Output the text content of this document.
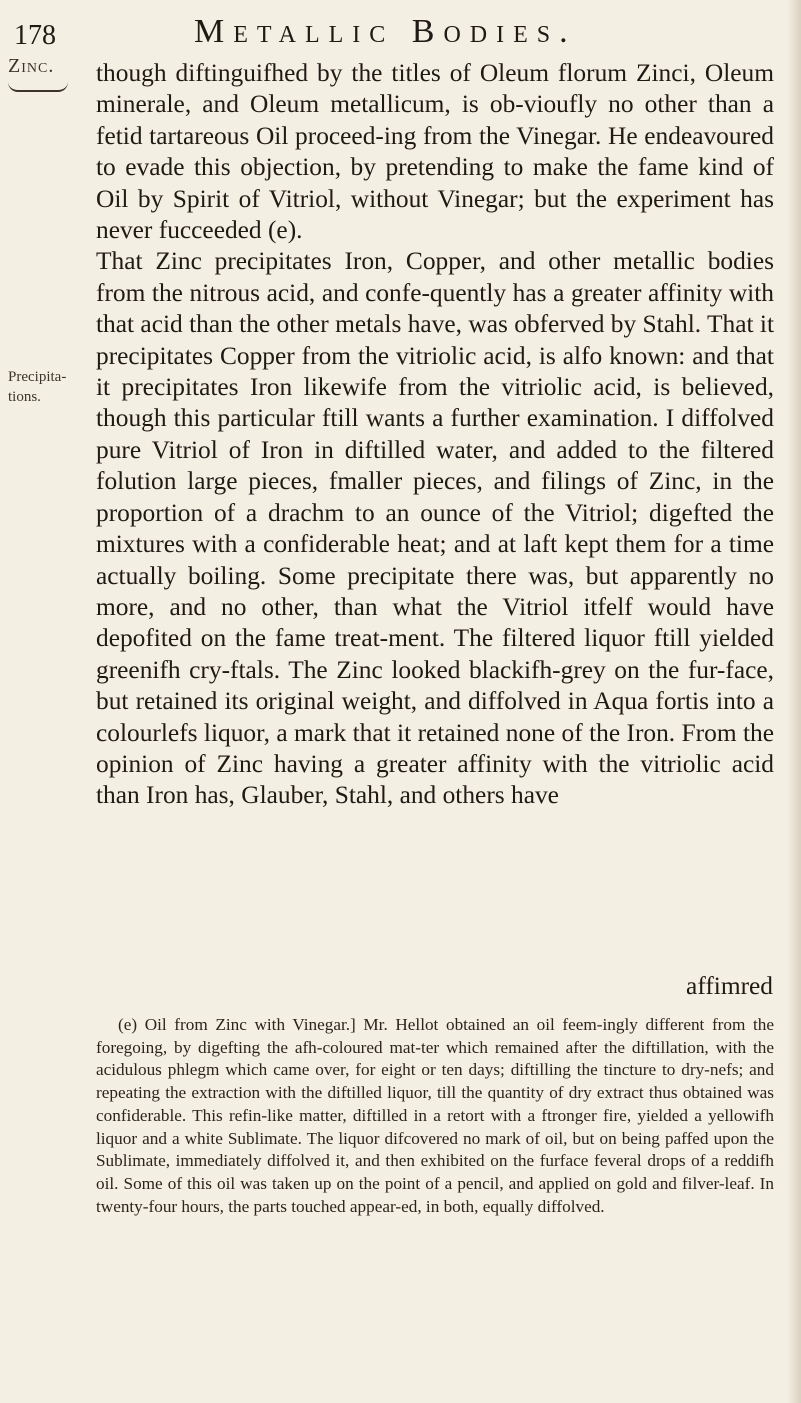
178	Metallic Bodies.
Zinc.
Precipita-tions.

though diftinguifhed by the titles of Oleum florum Zinci, Oleum minerale, and Oleum metallicum, is ob-vioufly no other than a fetid tartareous Oil proceed-ing from the Vinegar. He endeavoured to evade this objection, by pretending to make the fame kind of Oil by Spirit of Vitriol, without Vinegar; but the experiment has never fucceeded (e).

That Zinc precipitates Iron, Copper, and other metallic bodies from the nitrous acid, and confe-quently has a greater affinity with that acid than the other metals have, was obferved by Stahl. That it precipitates Copper from the vitriolic acid, is alfo known: and that it precipitates Iron likewife from the vitriolic acid, is believed, though this particular ftill wants a further examination. I diffolved pure Vitriol of Iron in diftilled water, and added to the filtered folution large pieces, fmaller pieces, and filings of Zinc, in the proportion of a drachm to an ounce of the Vitriol; digefted the mixtures with a confiderable heat; and at laft kept them for a time actually boiling. Some precipitate there was, but apparently no more, and no other, than what the Vitriol itfelf would have depofited on the fame treat-ment. The filtered liquor ftill yielded greenifh cry-ftals. The Zinc looked blackifh-grey on the fur-face, but retained its original weight, and diffolved in Aqua fortis into a colourlefs liquor, a mark that it retained none of the Iron. From the opinion of Zinc having a greater affinity with the vitriolic acid than Iron has, Glauber, Stahl, and others have

affimred

(e) Oil from Zinc with Vinegar.] Mr. Hellot obtained an oil feem-ingly different from the foregoing, by digefting the afh-coloured mat-ter which remained after the diftillation, with the acidulous phlegm which came over, for eight or ten days; diftilling the tincture to dry-nefs; and repeating the extraction with the diftilled liquor, till the quantity of dry extract thus obtained was confiderable. This refin-like matter, diftilled in a retort with a ftronger fire, yielded a yellowifh liquor and a white Sublimate. The liquor difcovered no mark of oil, but on being paffed upon the Sublimate, immediately diffolved it, and then exhibited on the furface feveral drops of a reddifh oil. Some of this oil was taken up on the point of a pencil, and applied on gold and filver-leaf. In twenty-four hours, the parts touched appear-ed, in both, equally diffolved.
